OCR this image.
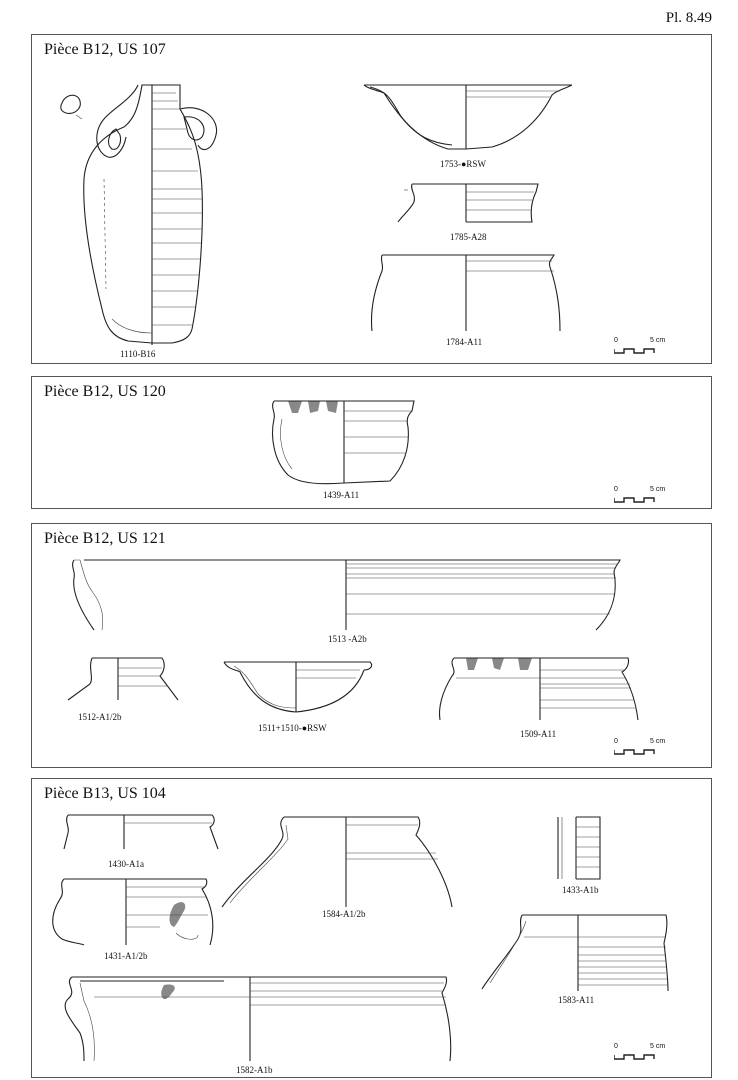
Pl. 8.49
Pièce B12, US 107
1110-B16
1753-●RSW
1785-A28
1784-A11	0	5 cm
Pièce B12, US 120
1439-A11
0	5 cm
Pièce B12, US 121
1513 -A2b
1512-A1/2b
1511+1510-●RSW
1509-A11
0	5 cm
Pièce B13, US 104
1430-A1a
1431-A1/2b
1582-A1b
1584-A1/2b
1433-A1b
1583-A11
0	5 cm
